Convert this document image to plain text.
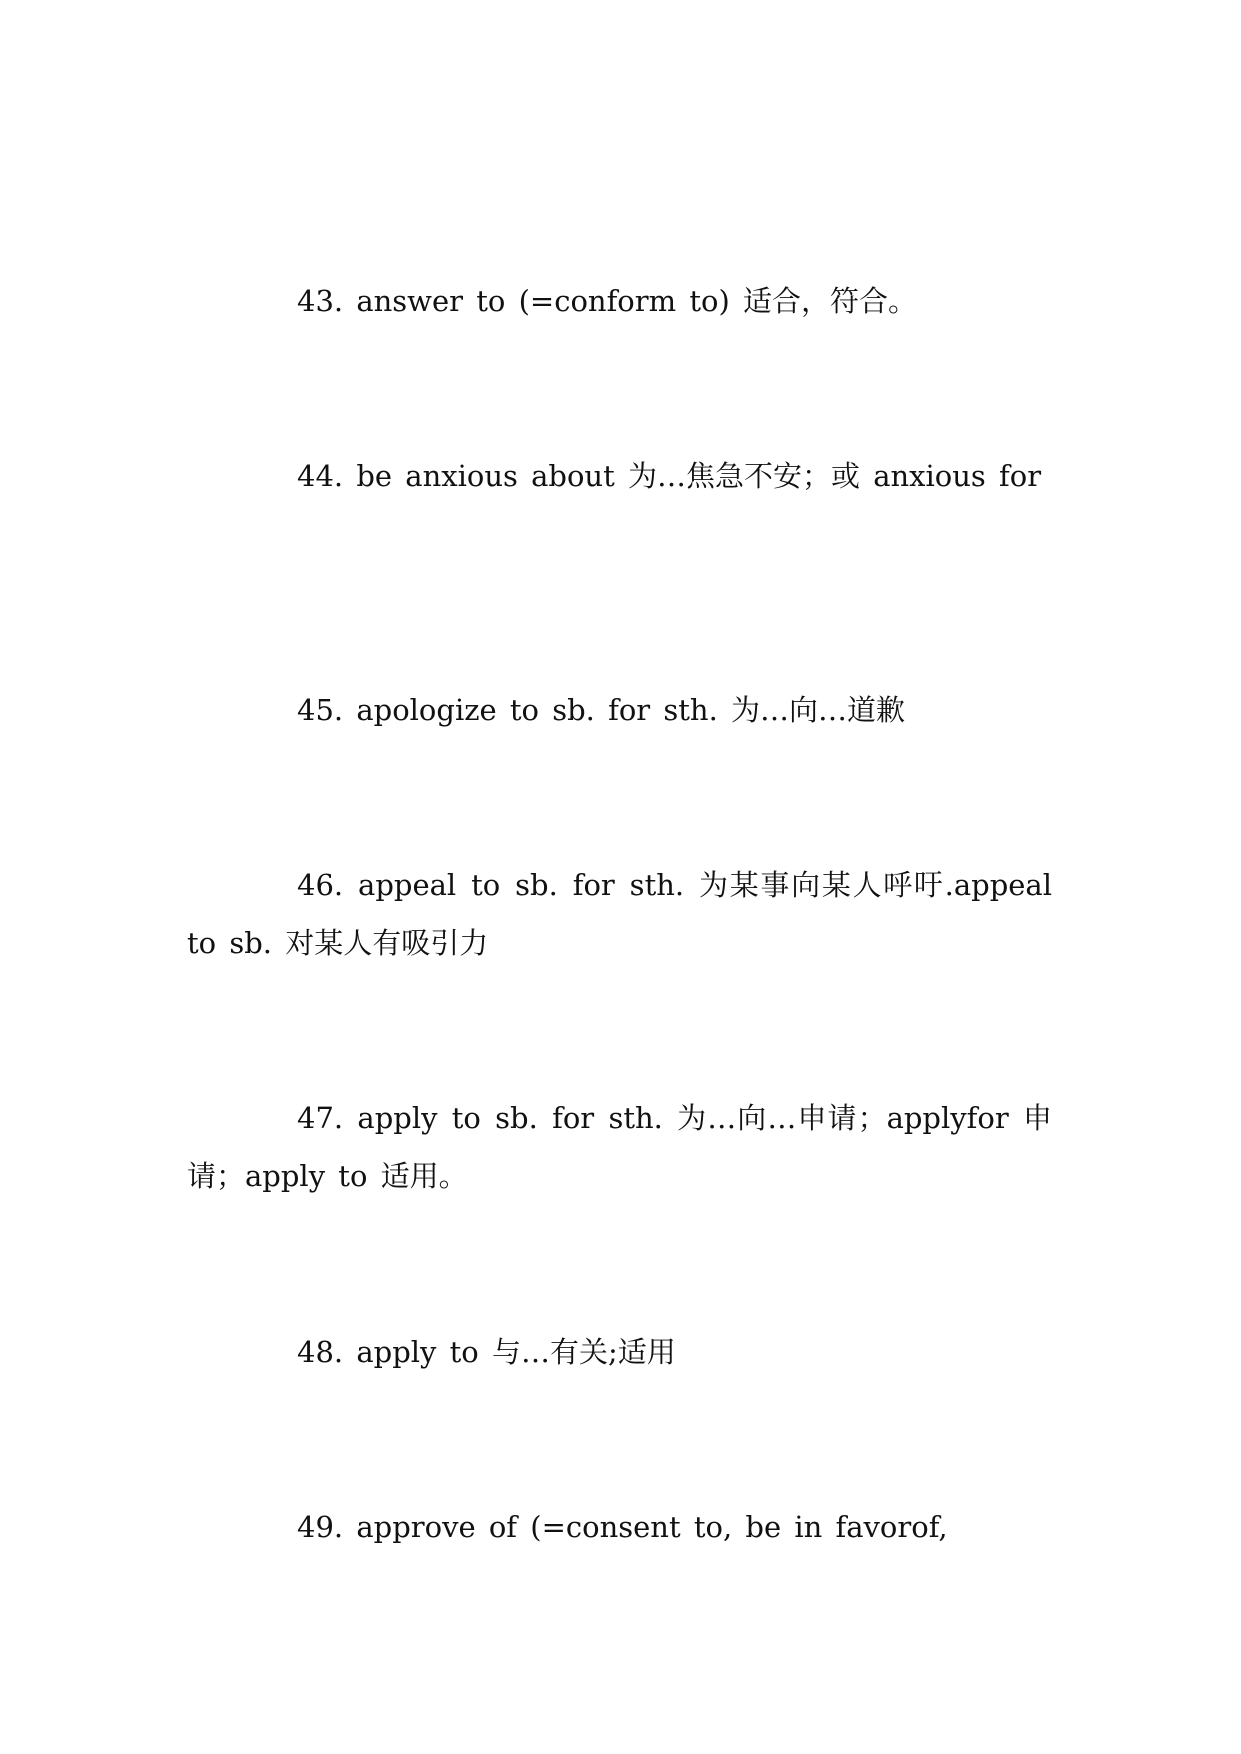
43. answer to (=conform to) 适合，符合。

44. be anxious about 为…焦急不安；或 anxious for

45. apologize to sb. for sth. 为…向…道歉

46. appeal to sb. for sth. 为某事向某人呼吁.appeal to sb. 对某人有吸引力

47. apply to sb. for sth. 为…向…申请；applyfor 申请；apply to 适用。

48. apply to 与…有关;适用

49. approve of (=consent to, be in favorof,
